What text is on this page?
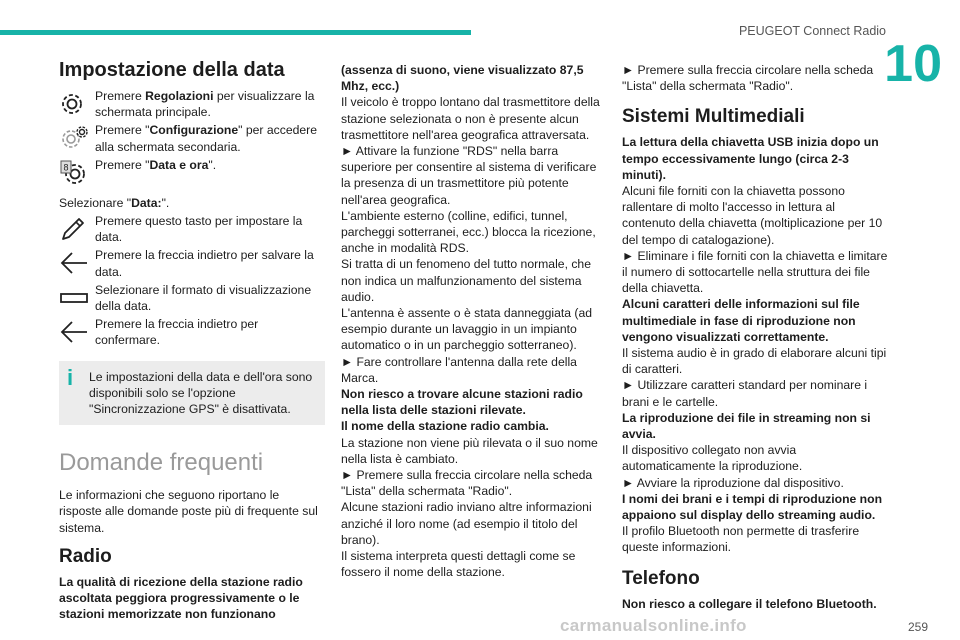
PEUGEOT Connect Radio
10
259
Impostazione della data
Premere Regolazioni per visualizzare la schermata principale.
Premere "Configurazione" per accedere alla schermata secondaria.
8 Premere "Data e ora".

Selezionare "Data:".

Premere questo tasto per impostare la data.
Premere la freccia indietro per salvare la data.
Selezionare il formato di visualizzazione della data.
Premere la freccia indietro per confermare.
i	Le impostazioni della data e dell'ora sono disponibili solo se l'opzione "Sincronizzazione GPS" è disattivata.
Domande frequenti

Le informazioni che seguono riportano le risposte alle domande poste più di frequente sul sistema.

Radio

La qualità di ricezione della stazione radio ascoltata peggiora progressivamente o le stazioni memorizzate non funzionano

(assenza di suono, viene visualizzato 87,5 Mhz, ecc.)

Il veicolo è troppo lontano dal trasmettitore della stazione selezionata o non è presente alcun trasmettitore nell'area geografica attraversata.

► Attivare la funzione "RDS" nella barra superiore per consentire al sistema di verificare la presenza di un trasmettitore più potente nell'area geografica.

L'ambiente esterno (colline, edifici, tunnel, parcheggi sotterranei, ecc.) blocca la ricezione, anche in modalità RDS.

Si tratta di un fenomeno del tutto normale, che non indica un malfunzionamento del sistema audio.

L'antenna è assente o è stata danneggiata (ad esempio durante un lavaggio in un impianto automatico o in un parcheggio sotterraneo).

► Fare controllare l'antenna dalla rete della Marca.

Non riesco a trovare alcune stazioni radio nella lista delle stazioni rilevate.

Il nome della stazione radio cambia.

La stazione non viene più rilevata o il suo nome nella lista è cambiato.

► Premere sulla freccia circolare nella scheda "Lista" della schermata "Radio".

Alcune stazioni radio inviano altre informazioni anziché il loro nome (ad esempio il titolo del brano).

Il sistema interpreta questi dettagli come se fossero il nome della stazione.

► Premere sulla freccia circolare nella scheda "Lista" della schermata "Radio".

Sistemi Multimediali

La lettura della chiavetta USB inizia dopo un tempo eccessivamente lungo (circa 2-3 minuti).

Alcuni file forniti con la chiavetta possono rallentare di molto l'accesso in lettura al contenuto della chiavetta (moltiplicazione per 10 del tempo di catalogazione).

► Eliminare i file forniti con la chiavetta e limitare il numero di sottocartelle nella struttura dei file della chiavetta.

Alcuni caratteri delle informazioni sul file multimediale in fase di riproduzione non vengono visualizzati correttamente.

Il sistema audio è in grado di elaborare alcuni tipi di caratteri.

► Utilizzare caratteri standard per nominare i brani e le cartelle.

La riproduzione dei file in streaming non si avvia.

Il dispositivo collegato non avvia automaticamente la riproduzione.

► Avviare la riproduzione dal dispositivo.

I nomi dei brani e i tempi di riproduzione non appaiono sul display dello streaming audio.

Il profilo Bluetooth non permette di trasferire queste informazioni.

Telefono

Non riesco a collegare il telefono Bluetooth.

carmanualsonline.info
